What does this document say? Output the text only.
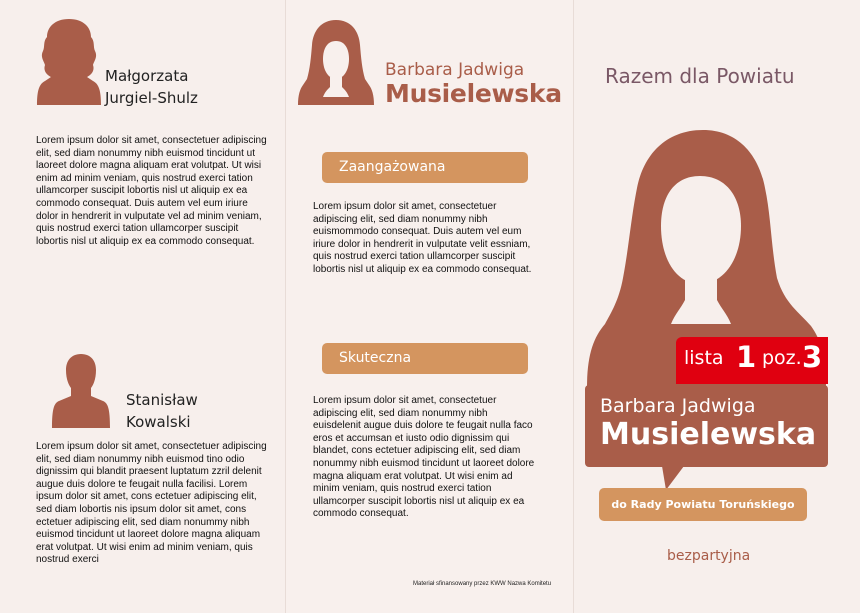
Małgorzata
Jurgiel-Shulz
Lorem ipsum dolor sit amet, consectetuer adipiscing elit, sed diam nonummy nibh euismod tincidunt ut laoreet dolore magna aliquam erat volutpat. Ut wisi enim ad minim veniam, quis nostrud exerci tation ullamcorper suscipit lobortis nisl ut aliquip ex ea commodo consequat. Duis autem vel eum iriure dolor in hendrerit in vulputate vel ad minim veniam, quis nostrud exerci tation ullamcorper suscipit lobortis nisl ut aliquip ex ea commodo consequat.
Stanisław
Kowalski
Lorem ipsum dolor sit amet, consectetuer adipiscing elit, sed diam nonummy nibh euismod tino odio dignissim qui blandit praesent luptatum zzril delenit augue duis dolore te feugait nulla facilisi. Lorem ipsum dolor sit amet, cons ectetuer adipiscing elit, sed diam lobortis nis ipsum dolor sit amet, cons ectetuer adipiscing elit, sed diam nonummy nibh euismod tincidunt ut laoreet dolore magna aliquam erat volutpat. Ut wisi enim ad minim veniam, quis nostrud exerci
Barbara Jadwiga
Musielewska
Zaangażowana
Lorem ipsum dolor sit amet, consectetuer adipiscing elit, sed diam nonummy nibh euismommodo consequat. Duis autem vel eum iriure dolor in hendrerit in vulputate velit essniam, quis nostrud exerci tation ullamcorper suscipit lobortis nisl ut aliquip ex ea commodo consequat.
Skuteczna
Lorem ipsum dolor sit amet, consectetuer adipiscing elit, sed diam nonummy nibh euisdelenit augue duis dolore te feugait nulla faco eros et accumsan et iusto odio dignissim qui blandet, cons ectetuer adipiscing elit, sed diam nonummy nibh euismod tincidunt ut laoreet dolore magna aliquam erat volutpat. Ut wisi enim ad minim veniam, quis nostrud exerci tation ullamcorper suscipit lobortis nisl ut aliquip ex ea commodo consequat.
Materiał sfinansowany przez KWW Nazwa Komitetu
Razem dla Powiatu
lista 1 poz. 3
Barbara Jadwiga
Musielewska
do Rady Powiatu Toruńskiego
bezpartyjna
